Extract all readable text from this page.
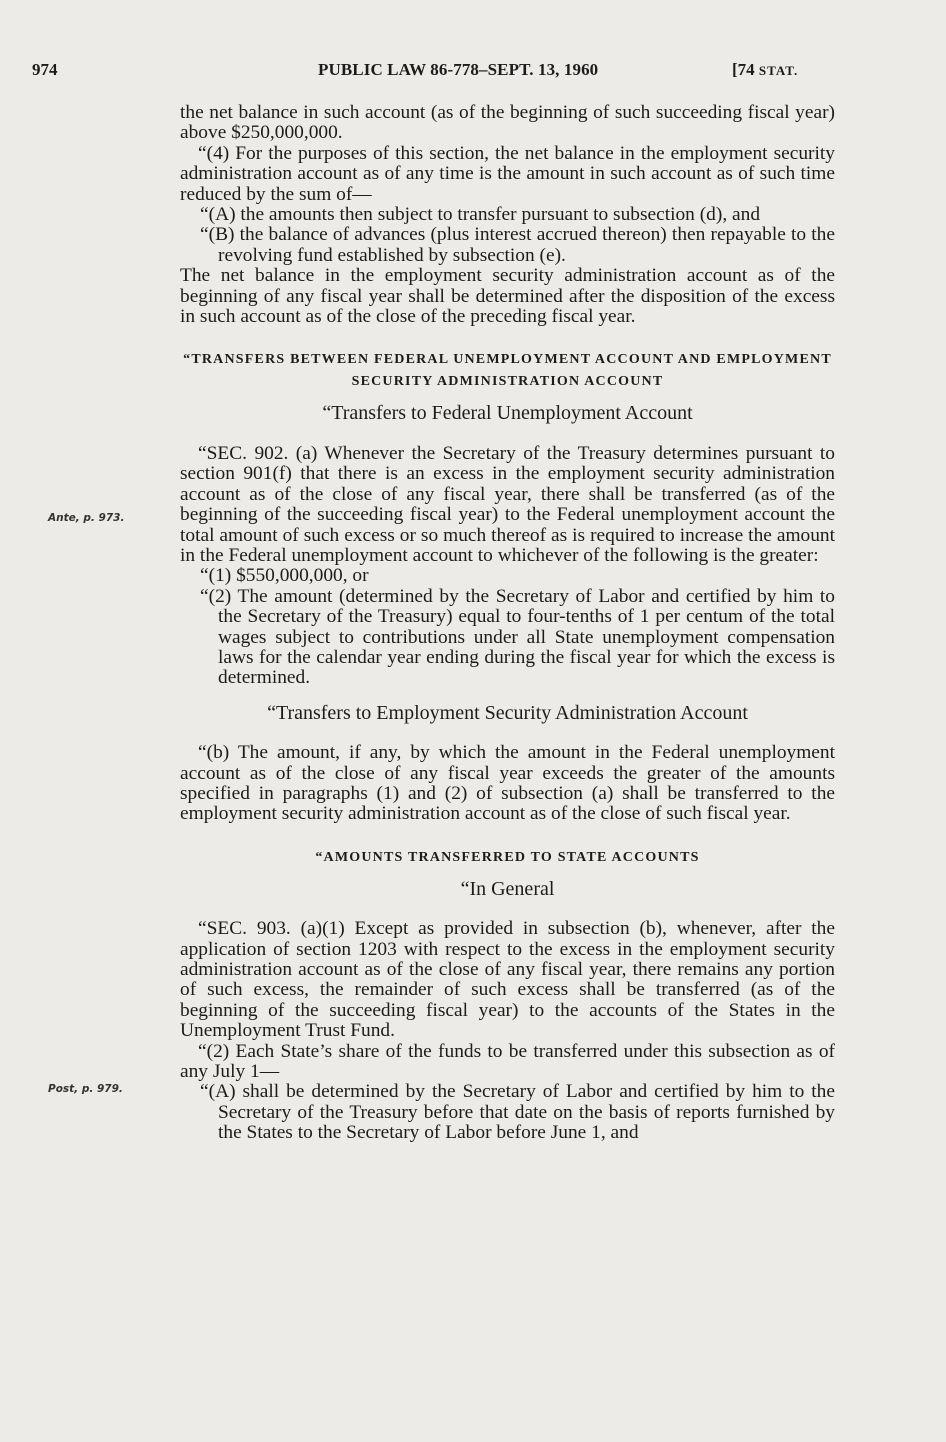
974	PUBLIC LAW 86-778–SEPT. 13, 1960	[74 STAT.
Ante, p. 973.
Post, p. 979.

the net balance in such account (as of the beginning of such succeeding fiscal year) above $250,000,000.

“(4) For the purposes of this section, the net balance in the employment security administration account as of any time is the amount in such account as of such time reduced by the sum of—

“(A) the amounts then subject to transfer pursuant to subsection (d), and

“(B) the balance of advances (plus interest accrued thereon) then repayable to the revolving fund established by subsection (e).

The net balance in the employment security administration account as of the beginning of any fiscal year shall be determined after the disposition of the excess in such account as of the close of the preceding fiscal year.

“TRANSFERS BETWEEN FEDERAL UNEMPLOYMENT ACCOUNT AND EMPLOYMENT SECURITY ADMINISTRATION ACCOUNT

“Transfers to Federal Unemployment Account

“SEC. 902. (a) Whenever the Secretary of the Treasury determines pursuant to section 901(f) that there is an excess in the employment security administration account as of the close of any fiscal year, there shall be transferred (as of the beginning of the succeeding fiscal year) to the Federal unemployment account the total amount of such excess or so much thereof as is required to increase the amount in the Federal unemployment account to whichever of the following is the greater:

“(1) $550,000,000, or

“(2) The amount (determined by the Secretary of Labor and certified by him to the Secretary of the Treasury) equal to four-tenths of 1 per centum of the total wages subject to contributions under all State unemployment compensation laws for the calendar year ending during the fiscal year for which the excess is determined.

“Transfers to Employment Security Administration Account

“(b) The amount, if any, by which the amount in the Federal unemployment account as of the close of any fiscal year exceeds the greater of the amounts specified in paragraphs (1) and (2) of subsection (a) shall be transferred to the employment security administration account as of the close of such fiscal year.

“AMOUNTS TRANSFERRED TO STATE ACCOUNTS

“In General

“SEC. 903. (a)(1) Except as provided in subsection (b), whenever, after the application of section 1203 with respect to the excess in the employment security administration account as of the close of any fiscal year, there remains any portion of such excess, the remainder of such excess shall be transferred (as of the beginning of the succeeding fiscal year) to the accounts of the States in the Unemployment Trust Fund.

“(2) Each State’s share of the funds to be transferred under this subsection as of any July 1—

“(A) shall be determined by the Secretary of Labor and certified by him to the Secretary of the Treasury before that date on the basis of reports furnished by the States to the Secretary of Labor before June 1, and
